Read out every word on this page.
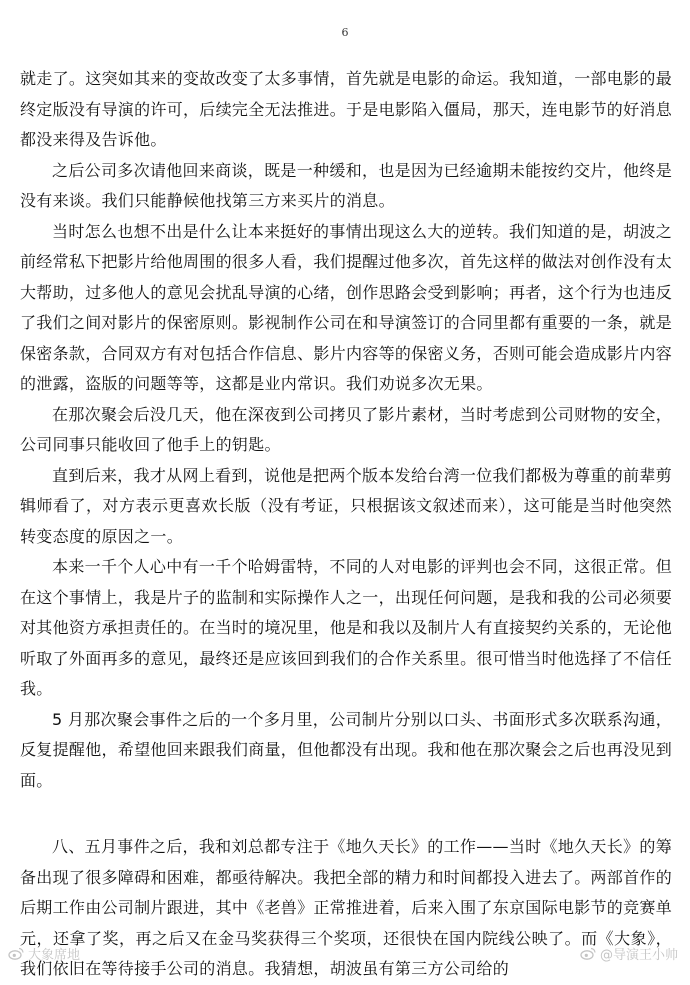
6

就走了。这突如其来的变故改变了太多事情，首先就是电影的命运。我知道，一部电影的最终定版没有导演的许可，后续完全无法推进。于是电影陷入僵局，那天，连电影节的好消息都没来得及告诉他。

之后公司多次请他回来商谈，既是一种缓和，也是因为已经逾期未能按约交片，他终是没有来谈。我们只能静候他找第三方来买片的消息。

当时怎么也想不出是什么让本来挺好的事情出现这么大的逆转。我们知道的是，胡波之前经常私下把影片给他周围的很多人看，我们提醒过他多次，首先这样的做法对创作没有太大帮助，过多他人的意见会扰乱导演的心绪，创作思路会受到影响；再者，这个行为也违反了我们之间对影片的保密原则。影视制作公司在和导演签订的合同里都有重要的一条，就是保密条款，合同双方有对包括合作信息、影片内容等的保密义务，否则可能会造成影片内容的泄露，盗版的问题等等，这都是业内常识。我们劝说多次无果。

在那次聚会后没几天，他在深夜到公司拷贝了影片素材，当时考虑到公司财物的安全，公司同事只能收回了他手上的钥匙。

直到后来，我才从网上看到，说他是把两个版本发给台湾一位我们都极为尊重的前辈剪辑师看了，对方表示更喜欢长版（没有考证，只根据该文叙述而来），这可能是当时他突然转变态度的原因之一。

本来一千个人心中有一千个哈姆雷特，不同的人对电影的评判也会不同，这很正常。但在这个事情上，我是片子的监制和实际操作人之一，出现任何问题，是我和我的公司必须要对其他资方承担责任的。在当时的境况里，他是和我以及制片人有直接契约关系的，无论他听取了外面再多的意见，最终还是应该回到我们的合作关系里。很可惜当时他选择了不信任我。

5 月那次聚会事件之后的一个多月里，公司制片分别以口头、书面形式多次联系沟通，反复提醒他，希望他回来跟我们商量，但他都没有出现。我和他在那次聚会之后也再没见到面。

八、五月事件之后，我和刘总都专注于《地久天长》的工作——当时《地久天长》的筹备出现了很多障碍和困难，都亟待解决。我把全部的精力和时间都投入进去了。两部首作的后期工作由公司制片跟进，其中《老兽》正常推进着，后来入围了东京国际电影节的竞赛单元，还拿了奖，再之后又在金马奖获得三个奖项，还很快在国内院线公映了。而《大象》，我们依旧在等待接手公司的消息。我猜想，胡波虽有第三方公司给的

大象席地	@导演王小帅
